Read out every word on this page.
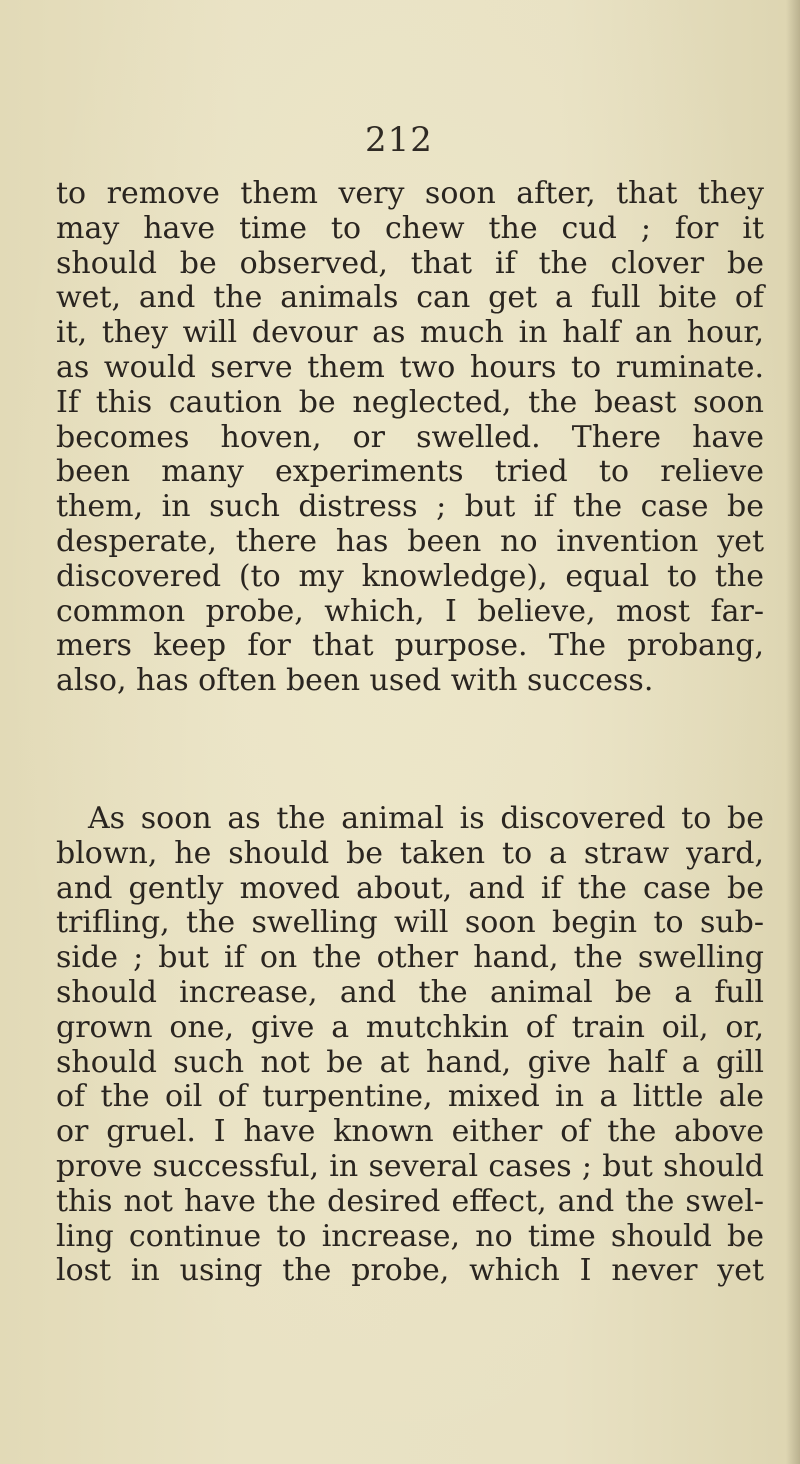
212
to remove them very soon after, that they
may have time to chew the cud ; for it
should be observed, that if the clover be
wet, and the animals can get a full bite of
it, they will devour as much in half an hour,
as would serve them two hours to ruminate.
If this caution be neglected, the beast soon
becomes hoven, or swelled. There have
been many experiments tried to relieve
them, in such distress ; but if the case be
desperate, there has been no invention yet
discovered (to my knowledge), equal to the
common probe, which, I believe, most far-
mers keep for that purpose. The probang,
also, has often been used with success.
As soon as the animal is discovered to be
blown, he should be taken to a straw yard,
and gently moved about, and if the case be
trifling, the swelling will soon begin to sub-
side ; but if on the other hand, the swelling
should increase, and the animal be a full
grown one, give a mutchkin of train oil, or,
should such not be at hand, give half a gill
of the oil of turpentine, mixed in a little ale
or gruel. I have known either of the above
prove successful, in several cases ; but should
this not have the desired effect, and the swel-
ling continue to increase, no time should be
lost in using the probe, which I never yet
